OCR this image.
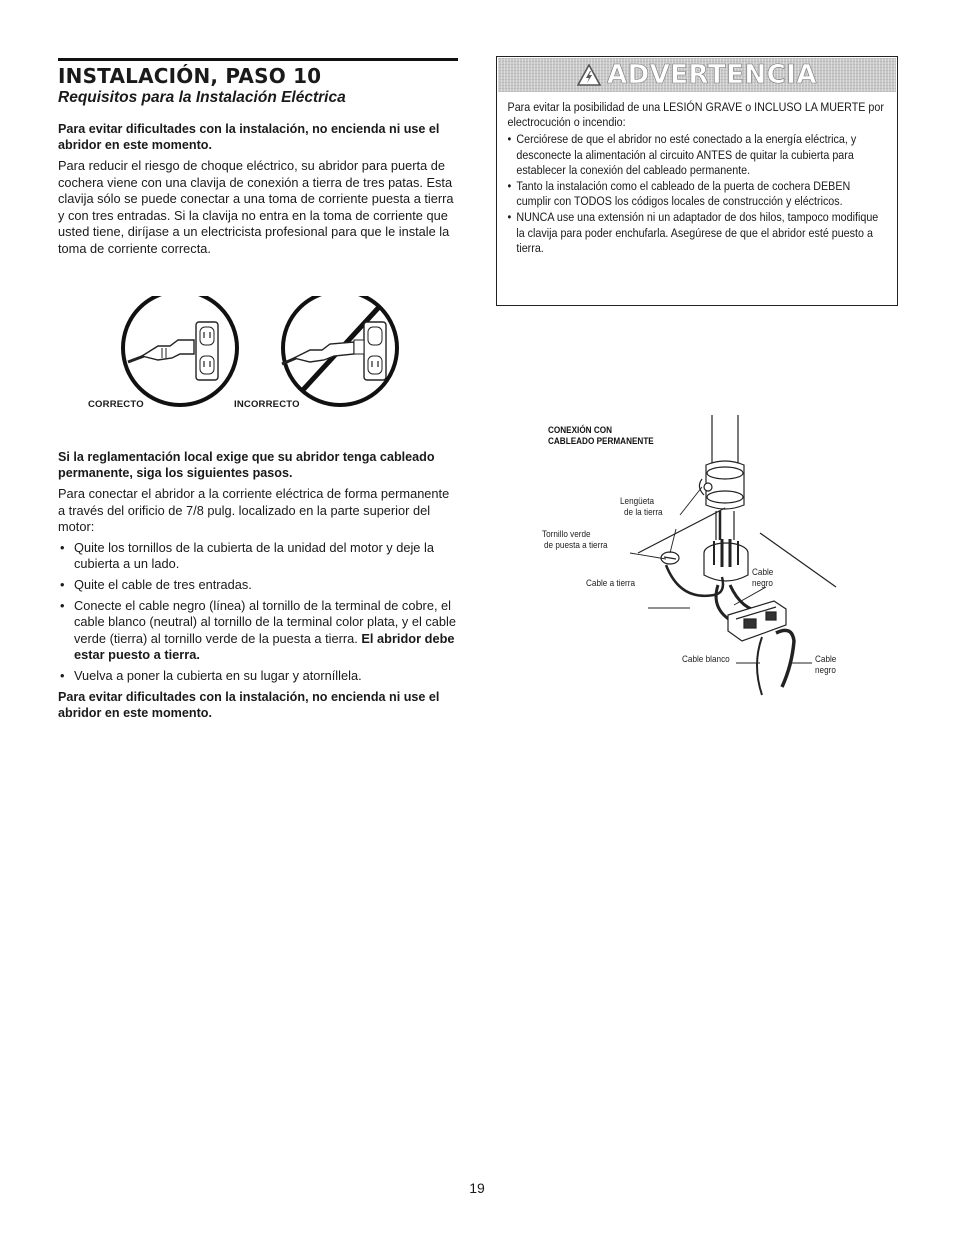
INSTALACIÓN, PASO 10
Requisitos para la Instalación Eléctrica

Para evitar dificultades con la instalación, no encienda ni use el abridor en este momento.

Para reducir el riesgo de choque eléctrico, su abridor para puerta de cochera viene con una clavija de conexión a tierra de tres patas. Esta clavija sólo se puede conectar a una toma de corriente puesta a tierra y con tres entradas. Si la clavija no entra en la toma de corriente que usted tiene, diríjase a un electricista profesional para que le instale la toma de corriente correcta.

CORRECTO	INCORRECTO

Si la reglamentación local exige que su abridor tenga cableado permanente, siga los siguientes pasos.

Para conectar el abridor a la corriente eléctrica de forma permanente a través del orificio de 7/8 pulg. localizado en la parte superior del motor:

• Quite los tornillos de la cubierta de la unidad del motor y deje la cubierta a un lado.
• Quite el cable de tres entradas.
• Conecte el cable negro (línea) al tornillo de la terminal de cobre, el cable blanco (neutral) al tornillo de la terminal color plata, y el cable verde (tierra) al tornillo verde de la puesta a tierra. El abridor debe estar puesto a tierra.
• Vuelva a poner la cubierta en su lugar y atorníllela.

Para evitar dificultades con la instalación, no encienda ni use el abridor en este momento.

ADVERTENCIA
Para evitar la posibilidad de una LESIÓN GRAVE o INCLUSO LA MUERTE por electrocución o incendio:
• Cerciórese de que el abridor no esté conectado a la energía eléctrica, y desconecte la alimentación al circuito ANTES de quitar la cubierta para establecer la conexión del cableado permanente.
• Tanto la instalación como el cableado de la puerta de cochera DEBEN cumplir con TODOS los códigos locales de construcción y eléctricos.
• NUNCA use una extensión ni un adaptador de dos hilos, tampoco modifique la clavija para poder enchufarla. Asegúrese de que el abridor esté puesto a tierra.
CONEXIÓN CON
CABLEADO PERMANENTE
Lengüeta
de la tierra
Tornillo verde
de puesta a tierra
Cable a tierra
Cable
negro
Cable blanco	Cable
negro
19
